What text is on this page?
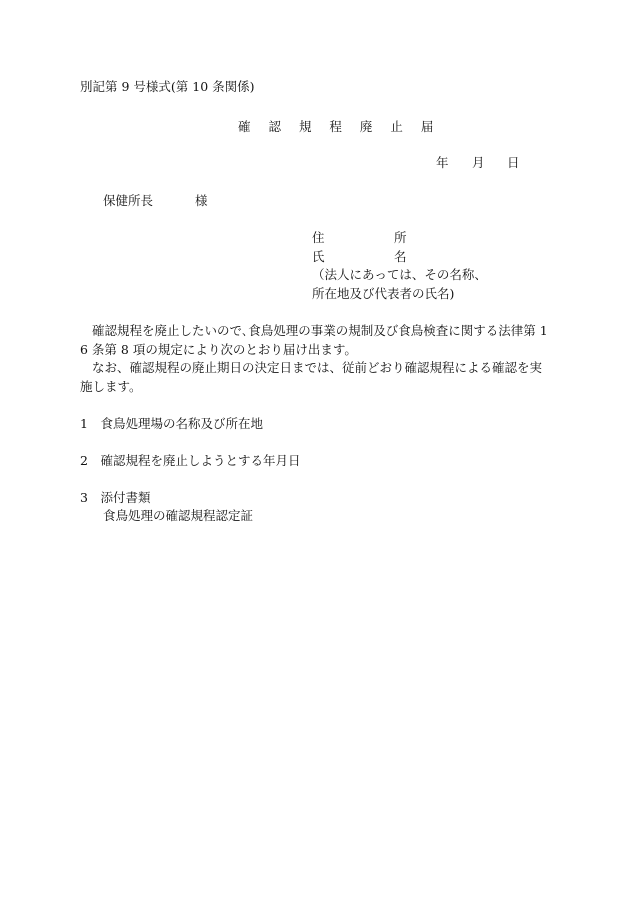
別記第 9 号様式(第 10 条関係)
確 認 規 程 廃 止 届
年 月 日
保健所長	様
住	所
氏	名
（法人にあっては、その名称、
所在地及び代表者の氏名)
確認規程を廃止したいので､食鳥処理の事業の規制及び食鳥検査に関する法律第 16 条第 8 項の規定により次のとおり届け出ます。
なお、確認規程の廃止期日の決定日までは、従前どおり確認規程による確認を実施します。
1　食鳥処理場の名称及び所在地
2　確認規程を廃止しようとする年月日
3　添付書類
食鳥処理の確認規程認定証
